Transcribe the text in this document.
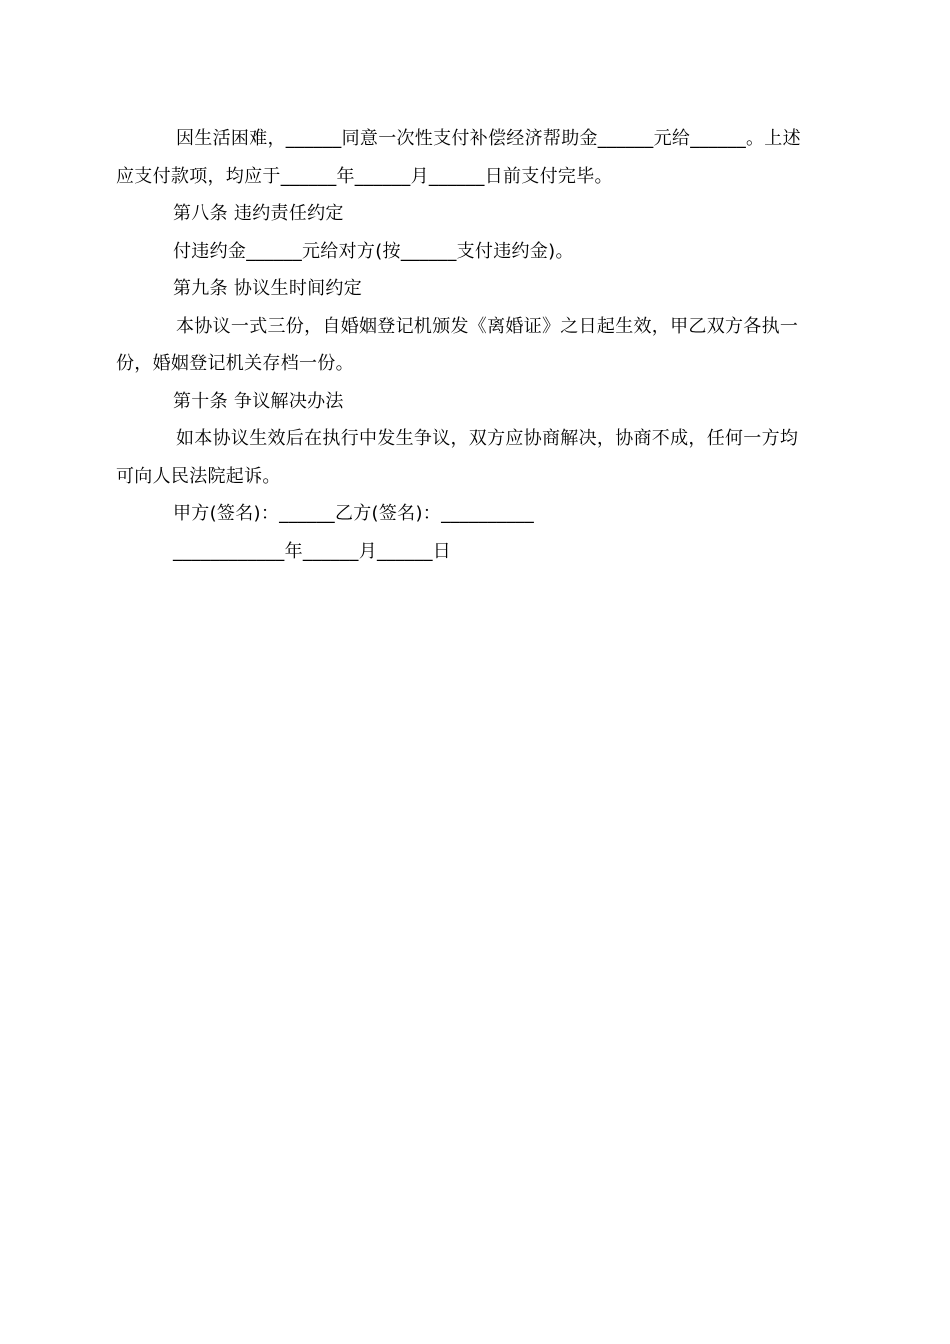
因生活困难，______同意一次性支付补偿经济帮助金______元给______。上述
应支付款项，均应于______年______月______日前支付完毕。
第八条 违约责任约定
付违约金______元给对方(按______支付违约金)。
第九条 协议生时间约定
本协议一式三份，自婚姻登记机颁发《离婚证》之日起生效，甲乙双方各执一
份，婚姻登记机关存档一份。
第十条 争议解决办法
如本协议生效后在执行中发生争议，双方应协商解决，协商不成，任何一方均
可向人民法院起诉。
甲方(签名)：______乙方(签名)：__________
____________年______月______日
